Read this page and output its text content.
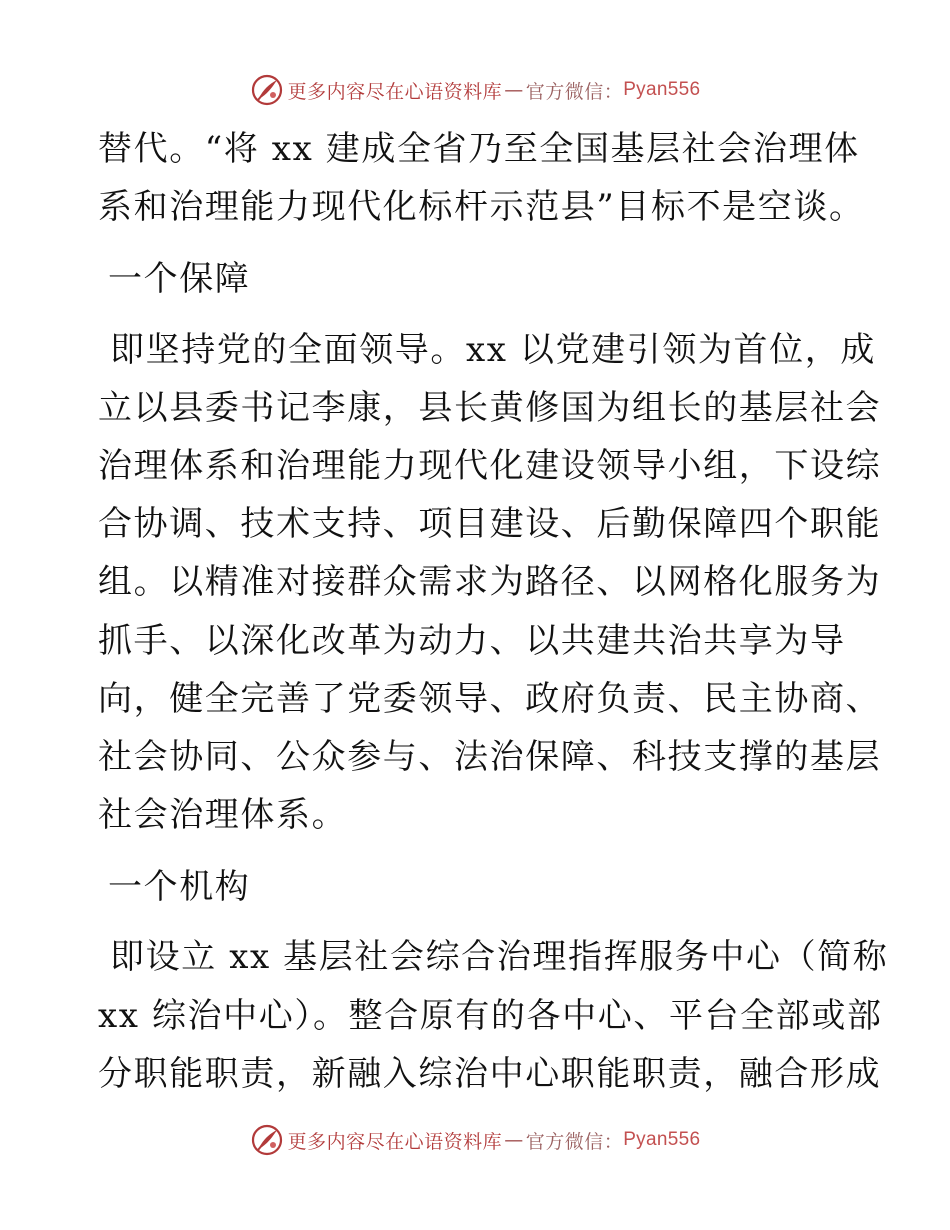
更多内容尽在心语资料库 — 官方微信： Pyan556
替代。“将 xx 建成全省乃至全国基层社会治理体
系和治理能力现代化标杆示范县”目标不是空谈。
一个保障
即坚持党的全面领导。xx 以党建引领为首位，成
立以县委书记李康，县长黄修国为组长的基层社会
治理体系和治理能力现代化建设领导小组，下设综
合协调、技术支持、项目建设、后勤保障四个职能
组。以精准对接群众需求为路径、以网格化服务为
抓手、以深化改革为动力、以共建共治共享为导
向，健全完善了党委领导、政府负责、民主协商、
社会协同、公众参与、法治保障、科技支撑的基层
社会治理体系。
一个机构
即设立 xx 基层社会综合治理指挥服务中心（简称
xx 综治中心）。整合原有的各中心、平台全部或部
分职能职责，新融入综治中心职能职责，融合形成
更多内容尽在心语资料库 — 官方微信： Pyan556
